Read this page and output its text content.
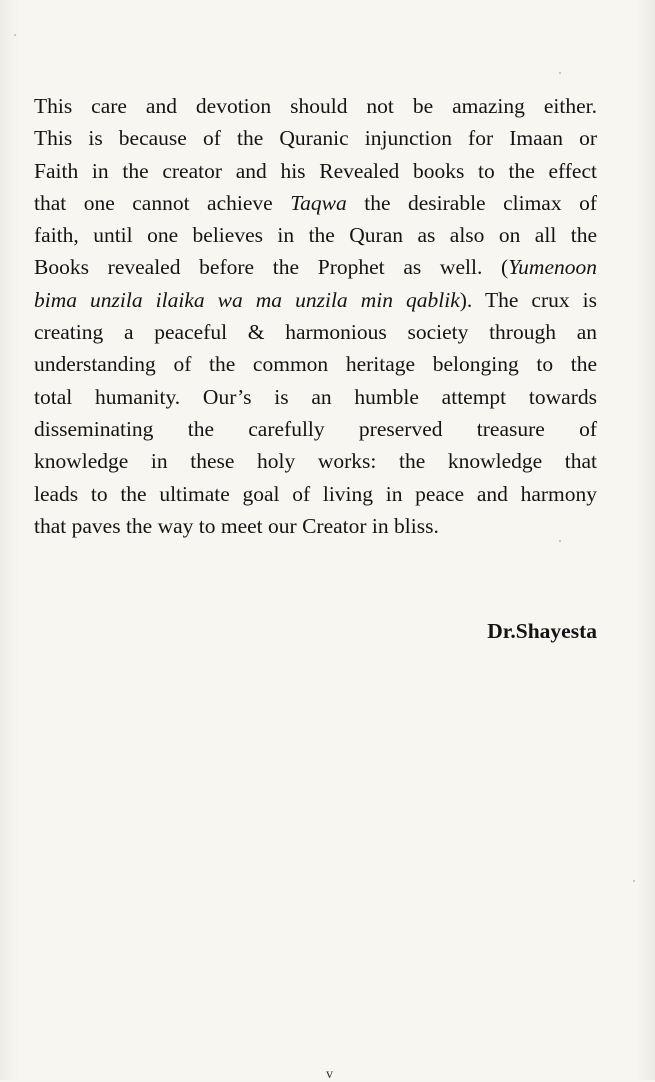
This care and devotion should not be amazing either.
This is because of the Quranic injunction for Imaan or
Faith in the creator and his Revealed books to the effect
that one cannot achieve Taqwa the desirable climax of
faith, until one believes in the Quran as also on all the
Books revealed before the Prophet as well. (Yumenoon
bima unzila ilaika wa ma unzila min qablik). The crux is
creating a peaceful & harmonious society through an
understanding of the common heritage belonging to the
total humanity. Our’s is an humble attempt towards
disseminating the carefully preserved treasure of
knowledge in these holy works: the knowledge that
leads to the ultimate goal of living in peace and harmony
that paves the way to meet our Creator in bliss.

Dr.Shayesta

v
